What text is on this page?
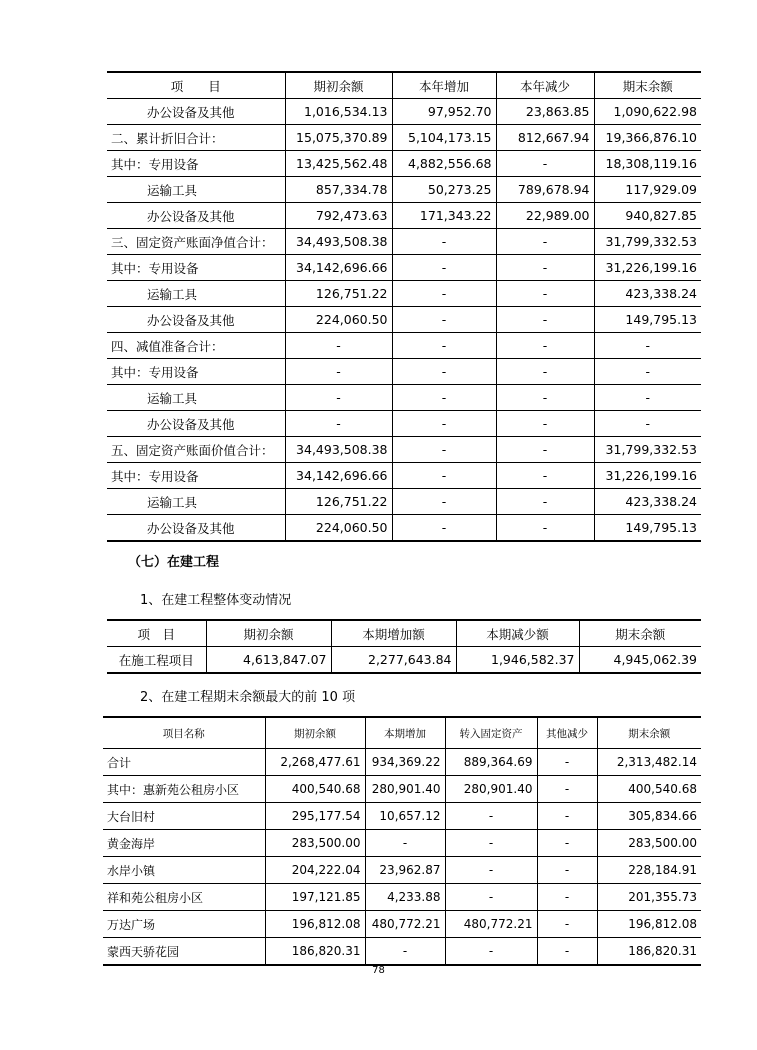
项　　目	期初余额	本年增加	本年减少	期末余额
办公设备及其他	1,016,534.13	97,952.70	23,863.85	1,090,622.98
二、累计折旧合计：	15,075,370.89	5,104,173.15	812,667.94	19,366,876.10
其中：专用设备	13,425,562.48	4,882,556.68	-	18,308,119.16
运输工具	857,334.78	50,273.25	789,678.94	117,929.09
办公设备及其他	792,473.63	171,343.22	22,989.00	940,827.85
三、固定资产账面净值合计：	34,493,508.38	-	-	31,799,332.53
其中：专用设备	34,142,696.66	-	-	31,226,199.16
运输工具	126,751.22	-	-	423,338.24
办公设备及其他	224,060.50	-	-	149,795.13
四、减值准备合计：	-	-	-	-
其中：专用设备	-	-	-	-
运输工具	-	-	-	-
办公设备及其他	-	-	-	-
五、固定资产账面价值合计：	34,493,508.38	-	-	31,799,332.53
其中：专用设备	34,142,696.66	-	-	31,226,199.16
运输工具	126,751.22	-	-	423,338.24
办公设备及其他	224,060.50	-	-	149,795.13
（七）在建工程
1、在建工程整体变动情况
项　目	期初余额	本期增加额	本期减少额	期末余额
在施工程项目	4,613,847.07	2,277,643.84	1,946,582.37	4,945,062.39
2、在建工程期末余额最大的前 10 项
项目名称	期初余额	本期增加	转入固定资产	其他减少	期末余额
合计	2,268,477.61	934,369.22	889,364.69	-	2,313,482.14
其中：惠新苑公租房小区	400,540.68	280,901.40	280,901.40	-	400,540.68
大台旧村	295,177.54	10,657.12	-	-	305,834.66
黄金海岸	283,500.00	-	-	-	283,500.00
水岸小镇	204,222.04	23,962.87	-	-	228,184.91
祥和苑公租房小区	197,121.85	4,233.88	-	-	201,355.73
万达广场	196,812.08	480,772.21	480,772.21	-	196,812.08
蒙西天骄花园	186,820.31	-	-	-	186,820.31
78
